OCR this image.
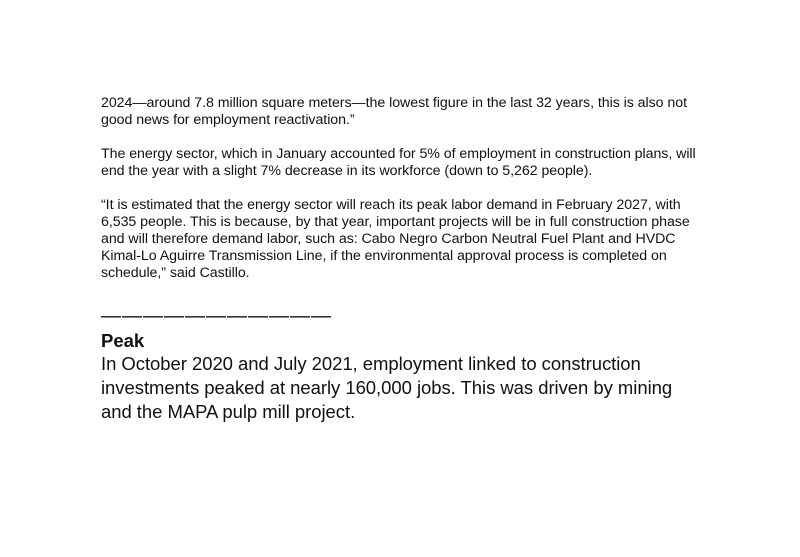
2024—around 7.8 million square meters—the lowest figure in the last 32 years, this is also not good news for employment reactivation.”

The energy sector, which in January accounted for 5% of employment in construction plans, will end the year with a slight 7% decrease in its workforce (down to 5,262 people).

“It is estimated that the energy sector will reach its peak labor demand in February 2027, with 6,535 people. This is because, by that year, important projects will be in full construction phase and will therefore demand labor, such as: Cabo Negro Carbon Neutral Fuel Plant and HVDC Kimal-Lo Aguirre Transmission Line, if the environmental approval process is completed on schedule,” said Castillo.

———————————
Peak
In October 2020 and July 2021, employment linked to construction investments peaked at nearly 160,000 jobs. This was driven by mining and the MAPA pulp mill project.
